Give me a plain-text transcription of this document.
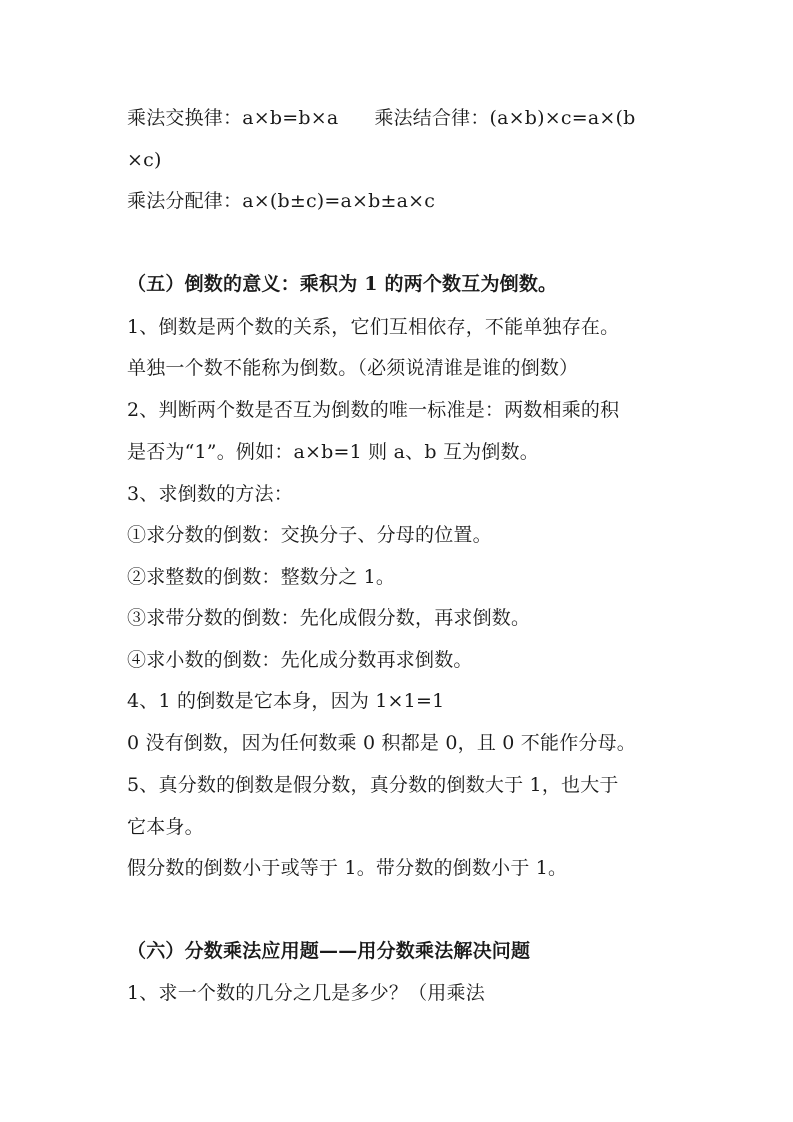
乘法交换律：a×b=b×a 乘法结合律：(a×b)×c=a×(b
×c)
乘法分配律：a×(b±c)=a×b±a×c
（五）倒数的意义：乘积为 1 的两个数互为倒数。
1、倒数是两个数的关系，它们互相依存，不能单独存在。
单独一个数不能称为倒数。（必须说清谁是谁的倒数）
2、判断两个数是否互为倒数的唯一标准是：两数相乘的积
是否为“1”。例如：a×b=1 则 a、b 互为倒数。
3、求倒数的方法：
①求分数的倒数：交换分子、分母的位置。
②求整数的倒数：整数分之 1。
③求带分数的倒数：先化成假分数，再求倒数。
④求小数的倒数：先化成分数再求倒数。
4、1 的倒数是它本身，因为 1×1=1
0 没有倒数，因为任何数乘 0 积都是 0，且 0 不能作分母。
5、真分数的倒数是假分数，真分数的倒数大于 1，也大于
它本身。
假分数的倒数小于或等于 1。带分数的倒数小于 1。
（六）分数乘法应用题——用分数乘法解决问题
1、求一个数的几分之几是多少？（用乘法
